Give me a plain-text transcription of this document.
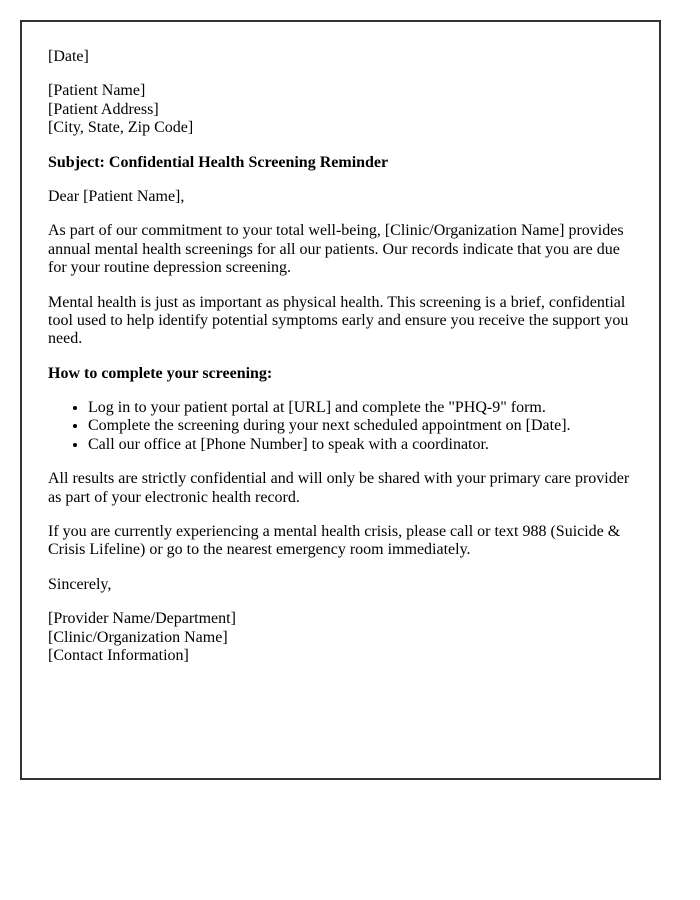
[Date]

[Patient Name]
[Patient Address]
[City, State, Zip Code]

Subject: Confidential Health Screening Reminder

Dear [Patient Name],

As part of our commitment to your total well-being, [Clinic/Organization Name] provides annual mental health screenings for all our patients. Our records indicate that you are due for your routine depression screening.

Mental health is just as important as physical health. This screening is a brief, confidential tool used to help identify potential symptoms early and ensure you receive the support you need.

How to complete your screening:

• Log in to your patient portal at [URL] and complete the "PHQ-9" form.
• Complete the screening during your next scheduled appointment on [Date].
• Call our office at [Phone Number] to speak with a coordinator.

All results are strictly confidential and will only be shared with your primary care provider as part of your electronic health record.

If you are currently experiencing a mental health crisis, please call or text 988 (Suicide & Crisis Lifeline) or go to the nearest emergency room immediately.

Sincerely,

[Provider Name/Department]
[Clinic/Organization Name]
[Contact Information]
